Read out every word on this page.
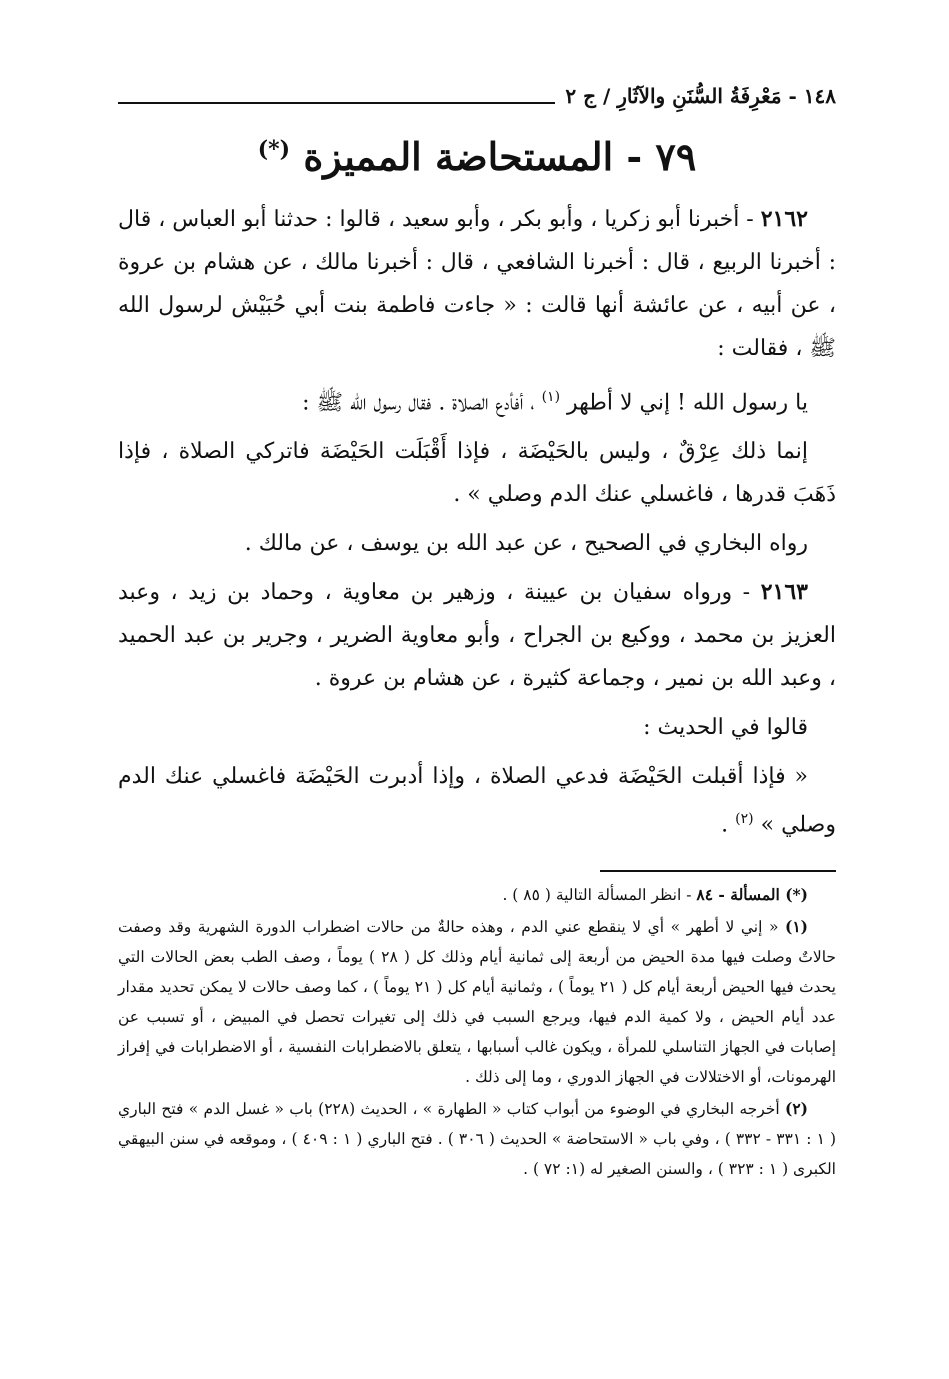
١٤٨ - مَعْرِفَةُ السُّنَنِ والآثَارِ / ج ٢
٧٩ - المستحاضة المميزة (*)

٢١٦٢ - أخبرنا أبو زكريا ، وأبو بكر ، وأبو سعيد ، قالوا : حدثنا أبو العباس ، قال : أخبرنا الربيع ، قال : أخبرنا الشافعي ، قال : أخبرنا مالك ، عن هشام بن عروة ، عن أبيه ، عن عائشة أنها قالت : « جاءت فاطمة بنت أبي حُبَيْش لرسول الله ﷺ ، فقالت :

يا رسول الله ! إني لا أطهر $^{(١)}$ ، أفأدع الصلاة . فقال رسول الله ﷺ :

إنما ذلك عِرْقٌ ، وليس بالحَيْضَة ، فإذا أَقْبَلَت الحَيْضَة فاتركي الصلاة ، فإذا ذَهَبَ قدرها ، فاغسلي عنك الدم وصلي » .

رواه البخاري في الصحيح ، عن عبد الله بن يوسف ، عن مالك .

٢١٦٣ - ورواه سفيان بن عيينة ، وزهير بن معاوية ، وحماد بن زيد ، وعبد العزيز بن محمد ، ووكيع بن الجراح ، وأبو معاوية الضرير ، وجرير بن عبد الحميد ، وعبد الله بن نمير ، وجماعة كثيرة ، عن هشام بن عروة .

قالوا في الحديث :

« فإذا أقبلت الحَيْضَة فدعي الصلاة ، وإذا أدبرت الحَيْضَة فاغسلي عنك الدم وصلي » $^{(٢)}$ .

(*) المسألة - ٨٤ - انظر المسألة التالية ( ٨٥ ) .

(١) « إني لا أطهر » أي لا ينقطع عني الدم ، وهذه حالةٌ من حالات اضطراب الدورة الشهرية وقد وصفت حالاتٌ وصلت فيها مدة الحيض من أربعة إلى ثمانية أيام وذلك كل ( ٢٨ ) يوماً ، وصف الطب بعض الحالات التي يحدث فيها الحيض أربعة أيام كل ( ٢١ يوماً ) ، وثمانية أيام كل ( ٢١ يوماً ) ، كما وصف حالات لا يمكن تحديد مقدار عدد أيام الحيض ، ولا كمية الدم فيها، ويرجع السبب في ذلك إلى تغيرات تحصل في المبيض ، أو تسبب عن إصابات في الجهاز التناسلي للمرأة ، ويكون غالب أسبابها ، يتعلق بالاضطرابات النفسية ، أو الاضطرابات في إفراز الهرمونات، أو الاختلالات في الجهاز الدوري ، وما إلى ذلك .

(٢) أخرجه البخاري في الوضوء من أبواب كتاب « الطهارة » ، الحديث (٢٢٨) باب « غسل الدم » فتح الباري ( ١ : ٣٣١ - ٣٣٢ ) ، وفي باب « الاستحاضة » الحديث ( ٣٠٦ ) . فتح الباري ( ١ : ٤٠٩ ) ، وموقعه في سنن البيهقي الكبرى ( ١ : ٣٢٣ ) ، والسنن الصغير له (١: ٧٢ ) .
